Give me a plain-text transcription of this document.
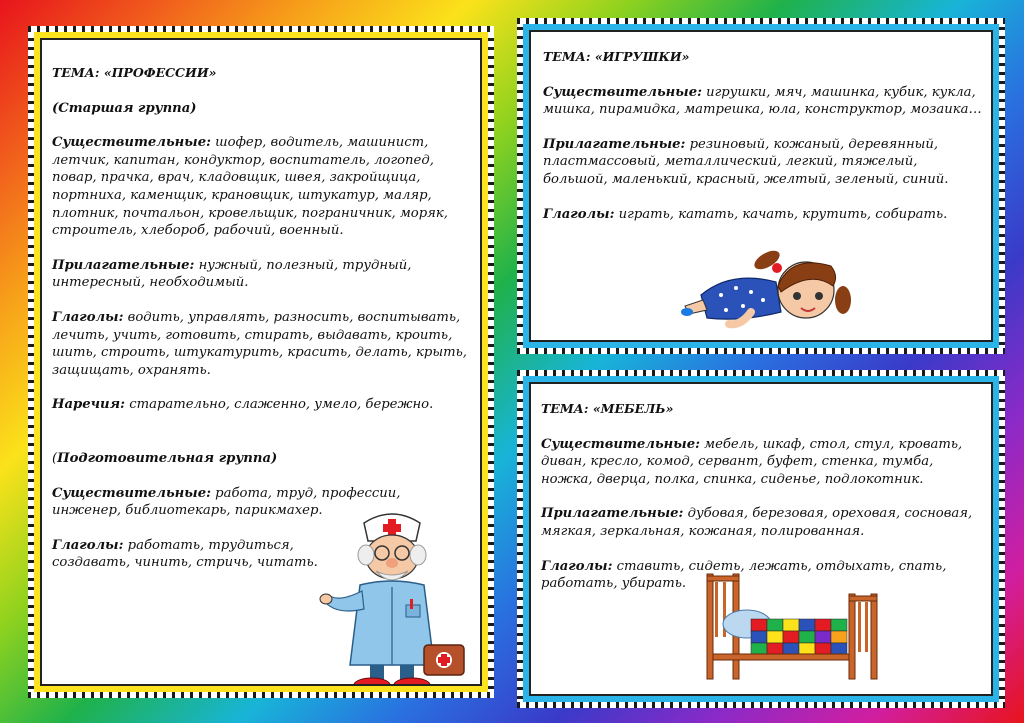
ТЕМА: «ПРОФЕССИИ»

(Старшая группа)

Существительные: шофер, водитель, машинист, летчик, капитан, кондуктор, воспитатель, логопед, повар, прачка, врач, кладовщик, швея, закройщица, портниха, каменщик, крановщик, штукатур, маляр, плотник, почтальон, кровельщик, пограничник, моряк, строитель, хлебороб, рабочий, военный.

Прилагательные: нужный, полезный, трудный, интересный, необходимый.

Глаголы: водить, управлять, разносить, воспитывать, лечить, учить, готовить, стирать, выдавать, кроить, шить, строить, штукатурить, красить, делать, крыть, защищать, охранять.

Наречия: старательно, слаженно, умело, бережно.

(Подготовительная группа)

Существительные: работа, труд, профессии, инженер, библиотекарь, парикмахер.

Глаголы: работать, трудиться, создавать, чинить, стричь, читать.

ТЕМА: «ИГРУШКИ»

Существительные: игрушки, мяч, машинка, кубик, кукла, мишка, пирамидка, матрешка, юла, конструктор, мозаика…

Прилагательные: резиновый, кожаный, деревянный, пластмассовый, металлический, легкий, тяжелый, большой, маленький, красный, желтый, зеленый, синий.

Глаголы: играть, катать, качать, крутить, собирать.

ТЕМА: «МЕБЕЛЬ»

Существительные: мебель, шкаф, стол, стул, кровать, диван, кресло, комод, сервант, буфет, стенка, тумба, ножка, дверца, полка, спинка, сиденье, подлокотник.

Прилагательные: дубовая, березовая, ореховая, сосновая, мягкая, зеркальная, кожаная, полированная.

Глаголы: ставить, сидеть, лежать, отдыхать, спать, работать, убирать.
